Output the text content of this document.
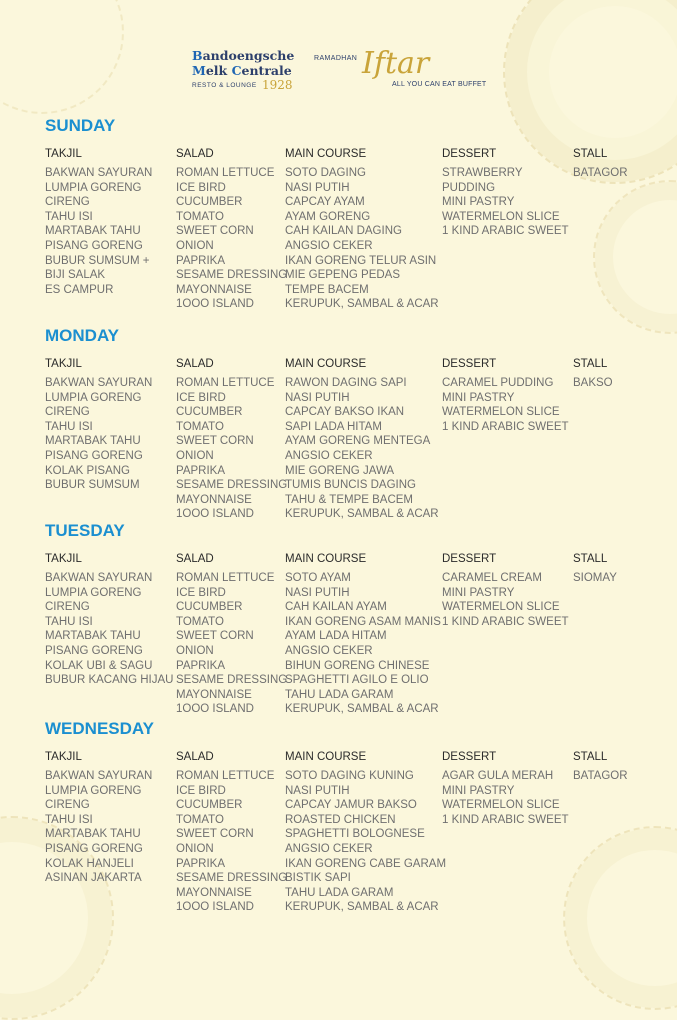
Bandoengsche
Melk Centrale
RESTO & LOUNGE 1928
RAMADHAN Iftar
ALL YOU CAN EAT BUFFET
SUNDAY
TAKJIL
BAKWAN SAYURAN
LUMPIA GORENG
CIRENG
TAHU ISI
MARTABAK TAHU
PISANG GORENG
BUBUR SUMSUM +
BIJI SALAK
ES CAMPUR
SALAD
ROMAN LETTUCE
ICE BIRD
CUCUMBER
TOMATO
SWEET CORN
ONION
PAPRIKA
SESAME DRESSING
MAYONNAISE
1OOO ISLAND
MAIN COURSE
SOTO DAGING
NASI PUTIH
CAPCAY AYAM
AYAM GORENG
CAH KAILAN DAGING
ANGSIO CEKER
IKAN GORENG TELUR ASIN
MIE GEPENG PEDAS
TEMPE BACEM
KERUPUK, SAMBAL & ACAR
DESSERT
STRAWBERRY
PUDDING
MINI PASTRY
WATERMELON SLICE
1 KIND ARABIC SWEET
STALL
BATAGOR
MONDAY
TAKJIL
BAKWAN SAYURAN
LUMPIA GORENG
CIRENG
TAHU ISI
MARTABAK TAHU
PISANG GORENG
KOLAK PISANG
BUBUR SUMSUM
SALAD
ROMAN LETTUCE
ICE BIRD
CUCUMBER
TOMATO
SWEET CORN
ONION
PAPRIKA
SESAME DRESSING
MAYONNAISE
1OOO ISLAND
MAIN COURSE
RAWON DAGING SAPI
NASI PUTIH
CAPCAY BAKSO IKAN
SAPI LADA HITAM
AYAM GORENG MENTEGA
ANGSIO CEKER
MIE GORENG JAWA
TUMIS BUNCIS DAGING
TAHU & TEMPE BACEM
KERUPUK, SAMBAL & ACAR
DESSERT
CARAMEL PUDDING
MINI PASTRY
WATERMELON SLICE
1 KIND ARABIC SWEET
STALL
BAKSO
TUESDAY
TAKJIL
BAKWAN SAYURAN
LUMPIA GORENG
CIRENG
TAHU ISI
MARTABAK TAHU
PISANG GORENG
KOLAK UBI & SAGU
BUBUR KACANG HIJAU
SALAD
ROMAN LETTUCE
ICE BIRD
CUCUMBER
TOMATO
SWEET CORN
ONION
PAPRIKA
SESAME DRESSING
MAYONNAISE
1OOO ISLAND
MAIN COURSE
SOTO AYAM
NASI PUTIH
CAH KAILAN AYAM
IKAN GORENG ASAM MANIS
AYAM LADA HITAM
ANGSIO CEKER
BIHUN GORENG CHINESE
SPAGHETTI AGILO E OLIO
TAHU LADA GARAM
KERUPUK, SAMBAL & ACAR
DESSERT
CARAMEL CREAM
MINI PASTRY
WATERMELON SLICE
1 KIND ARABIC SWEET
STALL
SIOMAY
WEDNESDAY
TAKJIL
BAKWAN SAYURAN
LUMPIA GORENG
CIRENG
TAHU ISI
MARTABAK TAHU
PISANG GORENG
KOLAK HANJELI
ASINAN JAKARTA
SALAD
ROMAN LETTUCE
ICE BIRD
CUCUMBER
TOMATO
SWEET CORN
ONION
PAPRIKA
SESAME DRESSING
MAYONNAISE
1OOO ISLAND
MAIN COURSE
SOTO DAGING KUNING
NASI PUTIH
CAPCAY JAMUR BAKSO
ROASTED CHICKEN
SPAGHETTI BOLOGNESE
ANGSIO CEKER
IKAN GORENG CABE GARAM
BISTIK SAPI
TAHU LADA GARAM
KERUPUK, SAMBAL & ACAR
DESSERT
AGAR GULA MERAH
MINI PASTRY
WATERMELON SLICE
1 KIND ARABIC SWEET
STALL
BATAGOR
